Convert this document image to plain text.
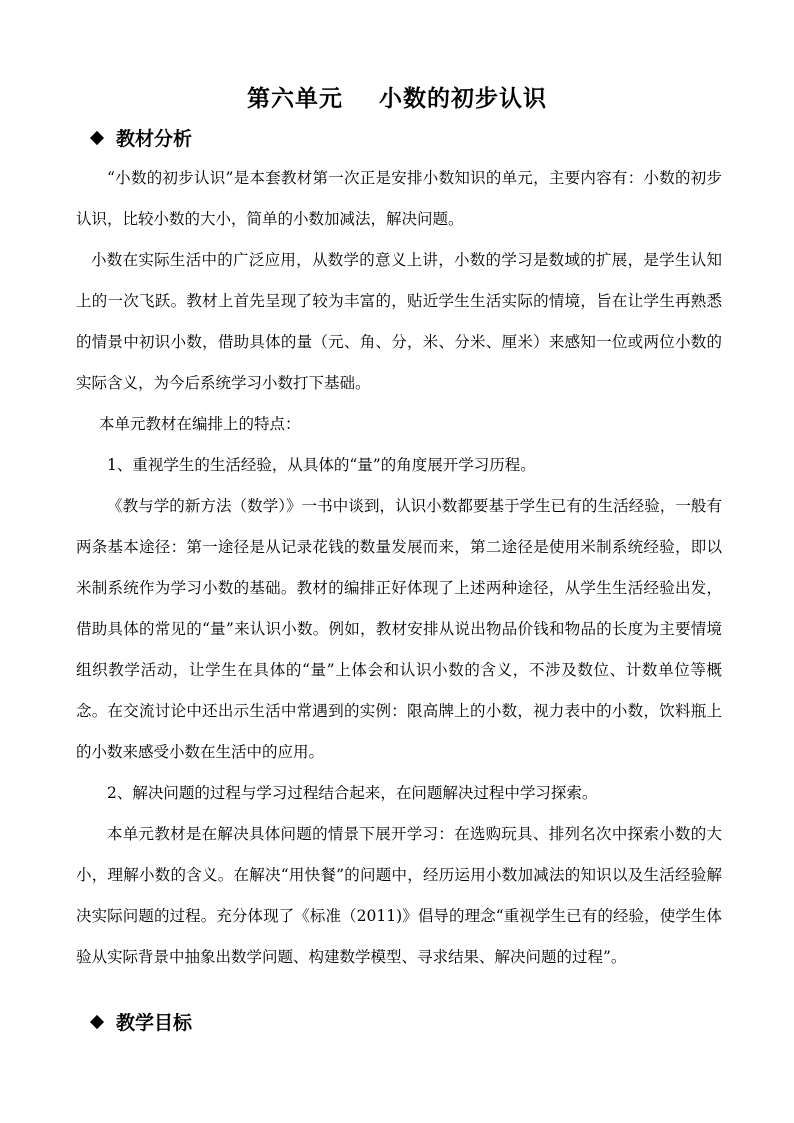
第六单元    小数的初步认识
教材分析

“小数的初步认识”是本套教材第一次正是安排小数知识的单元，主要内容有：小数的初步认识，比较小数的大小，简单的小数加减法，解决问题。

小数在实际生活中的广泛应用，从数学的意义上讲，小数的学习是数域的扩展，是学生认知上的一次飞跃。教材上首先呈现了较为丰富的，贴近学生生活实际的情境，旨在让学生再熟悉的情景中初识小数，借助具体的量（元、角、分，米、分米、厘米）来感知一位或两位小数的实际含义，为今后系统学习小数打下基础。

本单元教材在编排上的特点：

1、重视学生的生活经验，从具体的“量”的角度展开学习历程。

《教与学的新方法（数学）》一书中谈到，认识小数都要基于学生已有的生活经验，一般有两条基本途径：第一途径是从记录花钱的数量发展而来，第二途径是使用米制系统经验，即以米制系统作为学习小数的基础。教材的编排正好体现了上述两种途径，从学生生活经验出发，借助具体的常见的“量”来认识小数。例如，教材安排从说出物品价钱和物品的长度为主要情境组织教学活动，让学生在具体的“量”上体会和认识小数的含义，不涉及数位、计数单位等概念。在交流讨论中还出示生活中常遇到的实例：限高牌上的小数，视力表中的小数，饮料瓶上的小数来感受小数在生活中的应用。

2、解决问题的过程与学习过程结合起来，在问题解决过程中学习探索。

本单元教材是在解决具体问题的情景下展开学习：在选购玩具、排列名次中探索小数的大小，理解小数的含义。在解决“用快餐”的问题中，经历运用小数加减法的知识以及生活经验解决实际问题的过程。充分体现了《标准（2011)》倡导的理念“重视学生已有的经验，使学生体验从实际背景中抽象出数学问题、构建数学模型、寻求结果、解决问题的过程”。

教学目标
